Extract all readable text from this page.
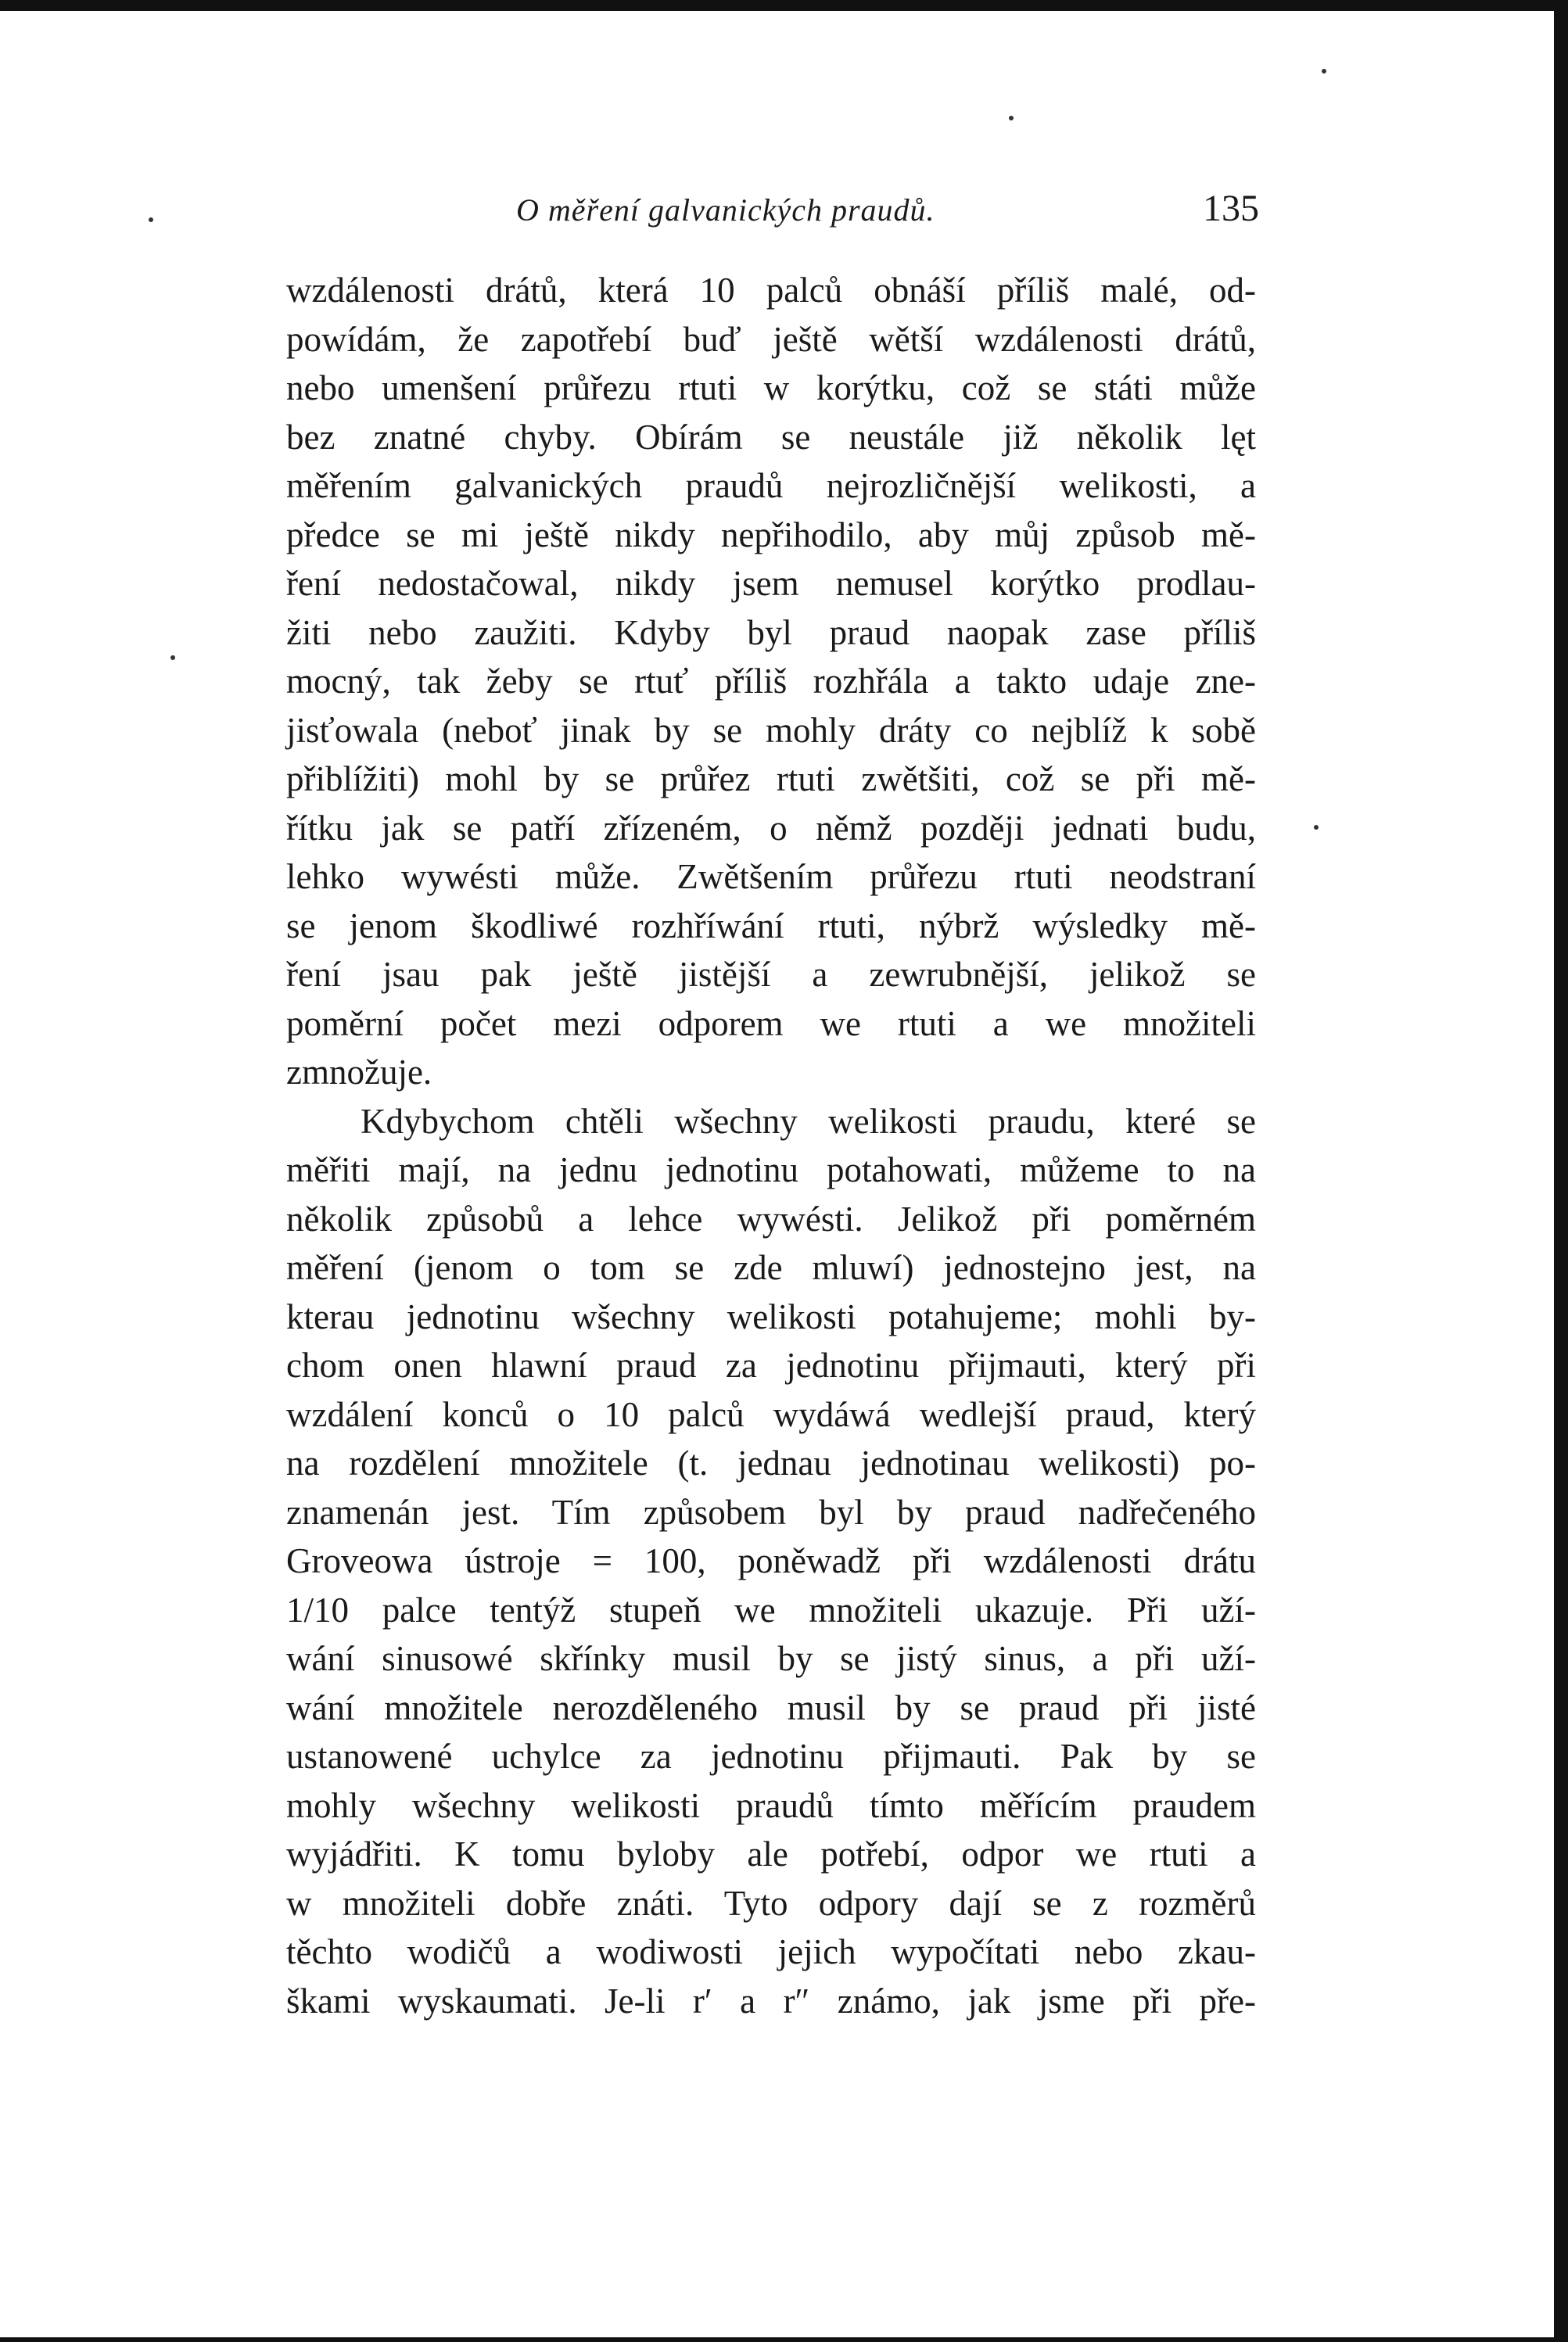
O měření galvanických praudů.	135
wzdálenosti drátů, která 10 palců obnáší příliš malé, od-
powídám, že zapotřebí buď ještě wětší wzdálenosti drátů,
nebo umenšení průřezu rtuti w korýtku, což se státi může
bez znatné chyby. Obírám se neustále již několik lęt
měřením galvanických praudů nejrozličnější welikosti, a
předce se mi ještě nikdy nepřihodilo, aby můj způsob mě-
ření nedostačowal, nikdy jsem nemusel korýtko prodlau-
žiti nebo zaužiti. Kdyby byl praud naopak zase příliš
mocný, tak žeby se rtuť příliš rozhřála a takto udaje zne-
jisťowala (neboť jinak by se mohly dráty co nejblíž k sobě
přiblížiti) mohl by se průřez rtuti zwětšiti, což se při mě-
řítku jak se patří zřízeném, o němž později jednati budu,
lehko wywésti může. Zwětšením průřezu rtuti neodstraní
se jenom škodliwé rozhříwání rtuti, nýbrž wýsledky mě-
ření jsau pak ještě jistější a zewrubnější, jelikož se
poměrní počet mezi odporem we rtuti a we množiteli
zmnožuje.
Kdybychom chtěli wšechny welikosti praudu, které se
měřiti mají, na jednu jednotinu potahowati, můžeme to na
několik způsobů a lehce wywésti. Jelikož při poměrném
měření (jenom o tom se zde mluwí) jednostejno jest, na
kterau jednotinu wšechny welikosti potahujeme; mohli by-
chom onen hlawní praud za jednotinu přijmauti, který při
wzdálení konců o 10 palců wydáwá wedlejší praud, který
na rozdělení množitele (t. jednau jednotinau welikosti) po-
znamenán jest. Tím způsobem byl by praud nadřečeného
Groveowa ústroje = 100, poněwadž při wzdálenosti drátu
1/10 palce tentýž stupeň we množiteli ukazuje. Při uží-
wání sinusowé skřínky musil by se jistý sinus, a při uží-
wání množitele nerozděleného musil by se praud při jisté
ustanowené uchylce za jednotinu přijmauti. Pak by se
mohly wšechny welikosti praudů tímto měřícím praudem
wyjádřiti. K tomu byloby ale potřebí, odpor we rtuti a
w množiteli dobře znáti. Tyto odpory dají se z rozměrů
těchto wodičů a wodiwosti jejich wypočítati nebo zkau-
škami wyskaumati. Je-li r′ a r″ známo, jak jsme při pře-
